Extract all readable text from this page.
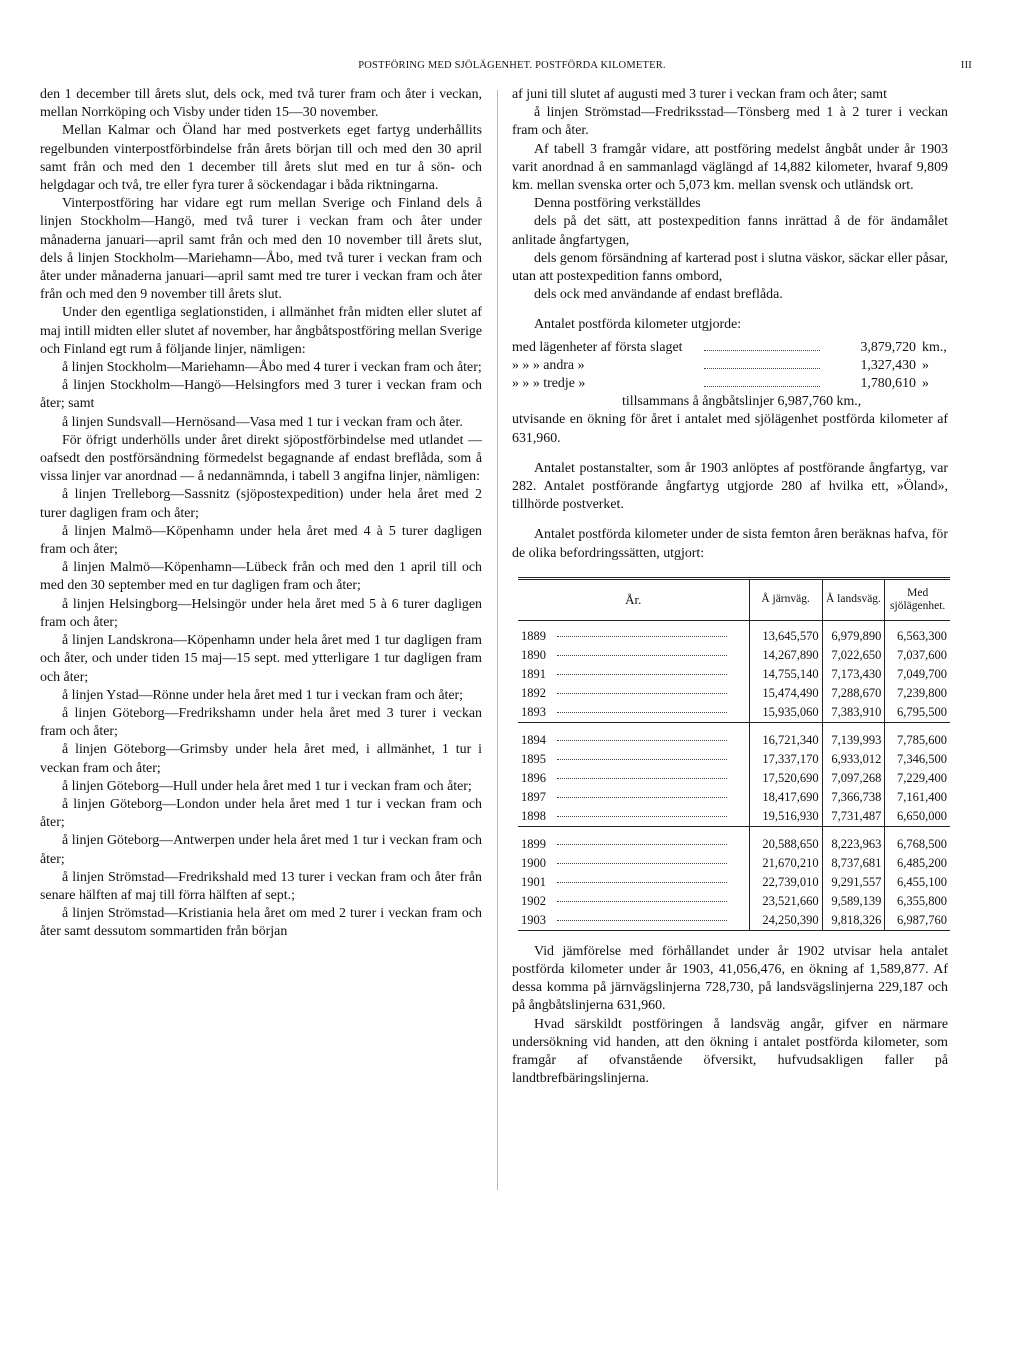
POSTFÖRING MED SJÖLÄGENHET. POSTFÖRDA KILOMETER.	III

den 1 december till årets slut, dels ock, med två turer fram och åter i veckan, mellan Norrköping och Visby under tiden 15—30 november.

Mellan Kalmar och Öland har med postverkets eget fartyg underhållits regelbunden vinterpostförbindelse från årets början till och med den 30 april samt från och med den 1 december till årets slut med en tur å sön- och helgdagar och två, tre eller fyra turer å söckendagar i båda riktningarna.

Vinterpostföring har vidare egt rum mellan Sverige och Finland dels å linjen Stockholm—Hangö, med två turer i veckan fram och åter under månaderna januari—april samt från och med den 10 november till årets slut, dels å linjen Stockholm—Mariehamn—Åbo, med två turer i veckan fram och åter under månaderna januari—april samt med tre turer i veckan fram och åter från och med den 9 november till årets slut.

Under den egentliga seglationstiden, i allmänhet från midten eller slutet af maj intill midten eller slutet af november, har ångbåtspostföring mellan Sverige och Finland egt rum å följande linjer, nämligen:

å linjen Stockholm—Mariehamn—Åbo med 4 turer i veckan fram och åter;

å linjen Stockholm—Hangö—Helsingfors med 3 turer i veckan fram och åter; samt

å linjen Sundsvall—Hernösand—Vasa med 1 tur i veckan fram och åter.

För öfrigt underhölls under året direkt sjöpostförbindelse med utlandet — oafsedt den postförsändning förmedelst begagnande af endast breflåda, som å vissa linjer var anordnad — å nedannämnda, i tabell 3 angifna linjer, nämligen:

å linjen Trelleborg—Sassnitz (sjöpostexpedition) under hela året med 2 turer dagligen fram och åter;

å linjen Malmö—Köpenhamn under hela året med 4 à 5 turer dagligen fram och åter;

å linjen Malmö—Köpenhamn—Lübeck från och med den 1 april till och med den 30 september med en tur dagligen fram och åter;

å linjen Helsingborg—Helsingör under hela året med 5 à 6 turer dagligen fram och åter;

å linjen Landskrona—Köpenhamn under hela året med 1 tur dagligen fram och åter, och under tiden 15 maj—15 sept. med ytterligare 1 tur dagligen fram och åter;

å linjen Ystad—Rönne under hela året med 1 tur i veckan fram och åter;

å linjen Göteborg—Fredrikshamn under hela året med 3 turer i veckan fram och åter;

å linjen Göteborg—Grimsby under hela året med, i allmänhet, 1 tur i veckan fram och åter;

å linjen Göteborg—Hull under hela året med 1 tur i veckan fram och åter;

å linjen Göteborg—London under hela året med 1 tur i veckan fram och åter;

å linjen Göteborg—Antwerpen under hela året med 1 tur i veckan fram och åter;

å linjen Strömstad—Fredrikshald med 13 turer i veckan fram och åter från senare hälften af maj till förra hälften af sept.;

å linjen Strömstad—Kristiania hela året om med 2 turer i veckan fram och åter samt dessutom sommartiden från början

af juni till slutet af augusti med 3 turer i veckan fram och åter; samt

å linjen Strömstad—Fredriksstad—Tönsberg med 1 à 2 turer i veckan fram och åter.

Af tabell 3 framgår vidare, att postföring medelst ångbåt under år 1903 varit anordnad å en sammanlagd väglängd af 14,882 kilometer, hvaraf 9,809 km. mellan svenska orter och 5,073 km. mellan svensk och utländsk ort.

Denna postföring verkställdes

dels på det sätt, att postexpedition fanns inrättad å de för ändamålet anlitade ångfartygen,

dels genom försändning af karterad post i slutna väskor, säckar eller påsar, utan att postexpedition fanns ombord,

dels ock med användande af endast breflåda.

Antalet postförda kilometer utgjorde:

med lägenheter af första slaget	3,879,720 km.,
» » » andra »	1,327,430 »
» » » tredje »	1,780,610 »
tillsammans å ångbåtslinjer 6,987,760 km.,

utvisande en ökning för året i antalet med sjölägenhet postförda kilometer af 631,960.

Antalet postanstalter, som år 1903 anlöptes af postförande ångfartyg, var 282. Antalet postförande ångfartyg utgjorde 280 af hvilka ett, »Öland», tillhörde postverket.

Antalet postförda kilometer under de sista femton åren beräknas hafva, för de olika befordringssätten, utgjort:

År.	Å järnväg.	Å landsväg.	Med sjölägenhet.
1889	13,645,570	6,979,890	6,563,300
1890	14,267,890	7,022,650	7,037,600
1891	14,755,140	7,173,430	7,049,700
1892	15,474,490	7,288,670	7,239,800
1893	15,935,060	7,383,910	6,795,500
1894	16,721,340	7,139,993	7,785,600
1895	17,337,170	6,933,012	7,346,500
1896	17,520,690	7,097,268	7,229,400
1897	18,417,690	7,366,738	7,161,400
1898	19,516,930	7,731,487	6,650,000
1899	20,588,650	8,223,963	6,768,500
1900	21,670,210	8,737,681	6,485,200
1901	22,739,010	9,291,557	6,455,100
1902	23,521,660	9,589,139	6,355,800
1903	24,250,390	9,818,326	6,987,760

Vid jämförelse med förhållandet under år 1902 utvisar hela antalet postförda kilometer under år 1903, 41,056,476, en ökning af 1,589,877. Af dessa komma på järnvägslinjerna 728,730, på landsvägslinjerna 229,187 och på ångbåtslinjerna 631,960.

Hvad särskildt postföringen å landsväg angår, gifver en närmare undersökning vid handen, att den ökning i antalet postförda kilometer, som framgår af ofvanstående öfversikt, hufvudsakligen faller på landtbrefbäringslinjerna.
